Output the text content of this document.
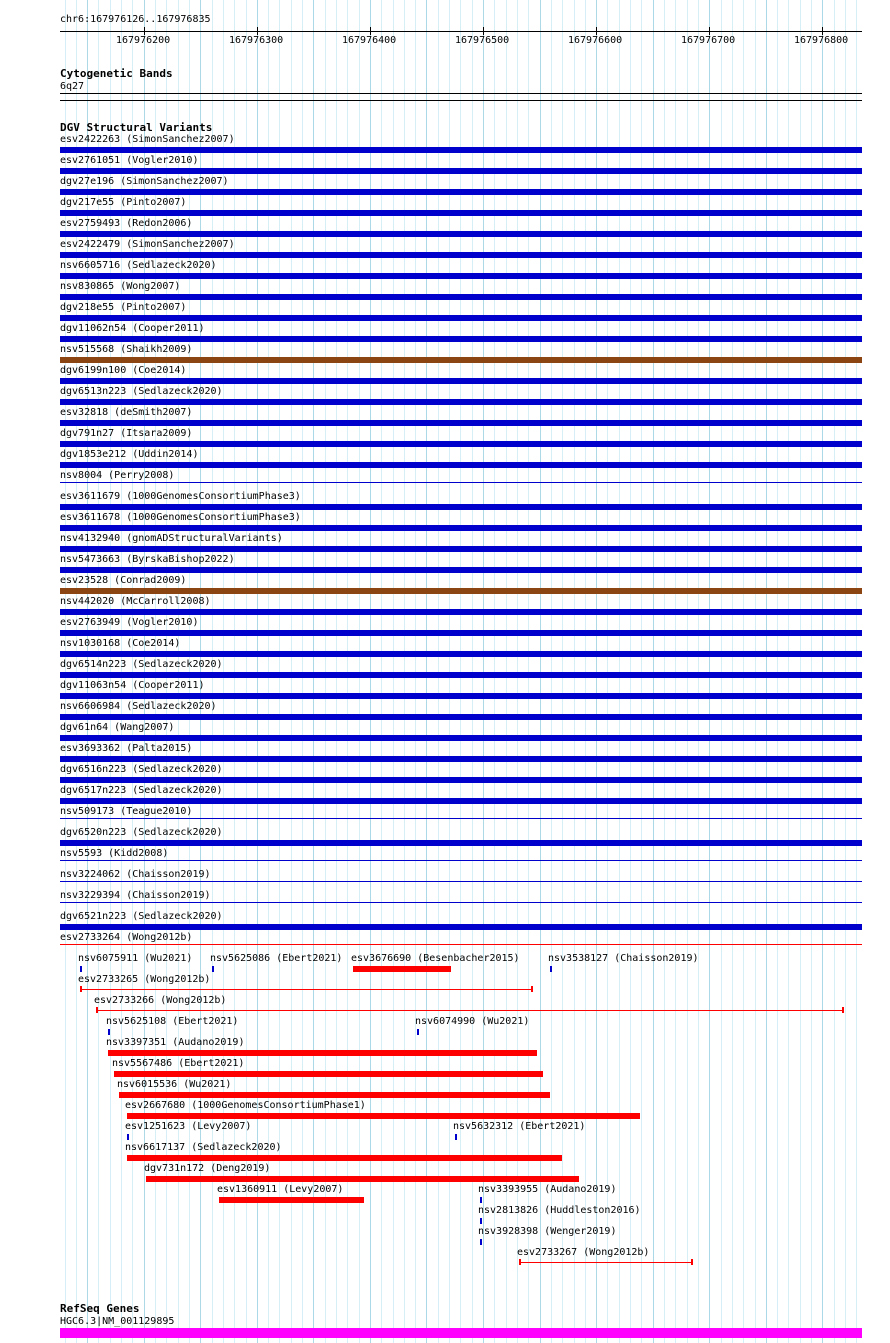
chr6:167976126..167976835
167976200	167976300	167976400	167976500	167976600	167976700	167976800
Cytogenetic Bands
6q27
DGV Structural Variants
esv2422263 (SimonSanchez2007)
esv2761051 (Vogler2010)
dgv27e196 (SimonSanchez2007)
dgv217e55 (Pinto2007)
esv2759493 (Redon2006)
esv2422479 (SimonSanchez2007)
nsv6605716 (Sedlazeck2020)
nsv830865 (Wong2007)
dgv218e55 (Pinto2007)
dgv11062n54 (Cooper2011)
nsv515568 (Shaikh2009)
dgv6199n100 (Coe2014)
dgv6513n223 (Sedlazeck2020)
esv32818 (deSmith2007)
dgv791n27 (Itsara2009)
dgv1853e212 (Uddin2014)
nsv8004 (Perry2008)
esv3611679 (1000GenomesConsortiumPhase3)
esv3611678 (1000GenomesConsortiumPhase3)
nsv4132940 (gnomADStructuralVariants)
nsv5473663 (ByrskaBishop2022)
esv23528 (Conrad2009)
nsv442020 (McCarroll2008)
esv2763949 (Vogler2010)
nsv1030168 (Coe2014)
dgv6514n223 (Sedlazeck2020)
dgv11063n54 (Cooper2011)
nsv6606984 (Sedlazeck2020)
dgv61n64 (Wang2007)
esv3693362 (Palta2015)
dgv6516n223 (Sedlazeck2020)
dgv6517n223 (Sedlazeck2020)
nsv509173 (Teague2010)
dgv6520n223 (Sedlazeck2020)
nsv5593 (Kidd2008)
nsv3224062 (Chaisson2019)
nsv3229394 (Chaisson2019)
dgv6521n223 (Sedlazeck2020)
esv2733264 (Wong2012b)
nsv6075911 (Wu2021) nsv5625086 (Ebert2021) esv3676690 (Besenbacher2015)	nsv3538127 (Chaisson2019)
esv2733265 (Wong2012b)
esv2733266 (Wong2012b)
nsv5625108 (Ebert2021)	nsv6074990 (Wu2021)
nsv3397351 (Audano2019)
nsv5567486 (Ebert2021)
nsv6015536 (Wu2021)
esv2667680 (1000GenomesConsortiumPhase1)
esv1251623 (Levy2007)	nsv5632312 (Ebert2021)
nsv6617137 (Sedlazeck2020)
dgv731n172 (Deng2019)
esv1360911 (Levy2007)	nsv3393955 (Audano2019)
nsv2813826 (Huddleston2016)
nsv3928398 (Wenger2019)
esv2733267 (Wong2012b)
RefSeq Genes
HGC6.3|NM_001129895
